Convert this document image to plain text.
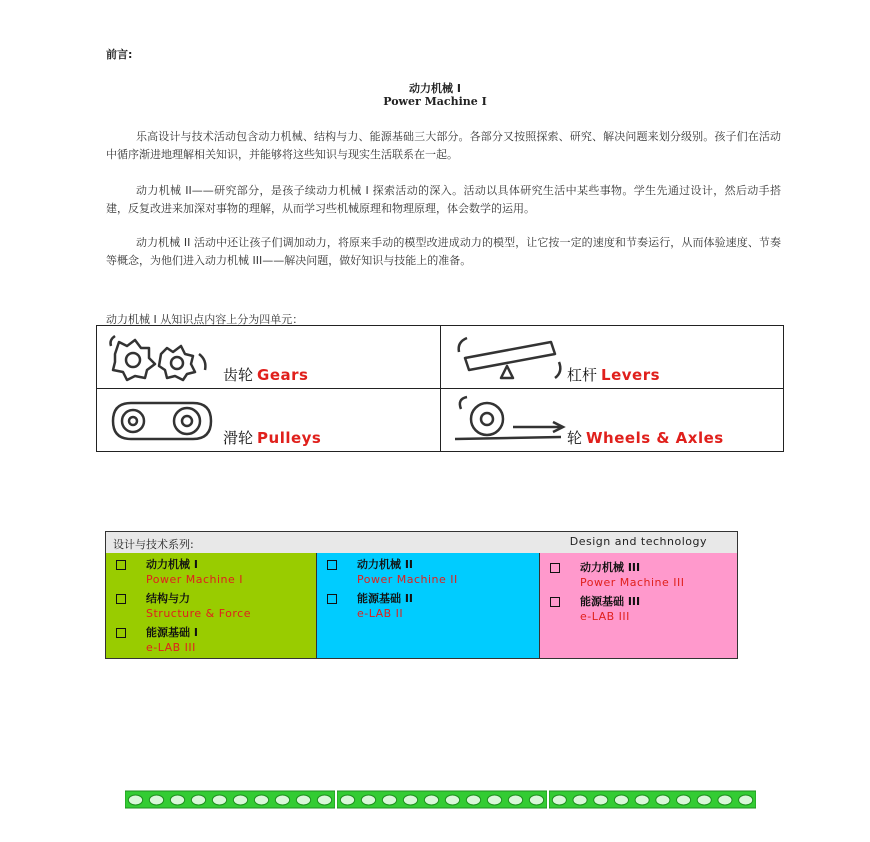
前言:
动力机械 I
Power Machine I
乐高设计与技术活动包含动力机械、结构与力、能源基础三大部分。各部分又按照探索、研究、解决问题来划分级别。孩子们在活动中循序渐进地理解相关知识，并能够将这些知识与现实生活联系在一起。
动力机械 II——研究部分，是孩子续动力机械 I 探索活动的深入。活动以具体研究生活中某些事物。学生先通过设计，然后动手搭建，反复改进来加深对事物的理解，从而学习些机械原理和物理原理，体会数学的运用。
动力机械 II 活动中还让孩子们调加动力，将原来手动的模型改进成动力的模型，让它按一定的速度和节奏运行，从而体验速度、节奏等概念，为他们进入动力机械 III——解决问题，做好知识与技能上的准备。
动力机械 I 从知识点内容上分为四单元：
齿轮 Gears	杠杆 Levers
滑轮 Pulleys	轮 Wheels & Axles
设计与技术系列:	Design and technology
动力机械 I
Power Machine I
结构与力
Structure & Force
能源基础 I
e-LAB III
动力机械 II
Power Machine II
能源基础 II
e-LAB II
动力机械 III
Power Machine III
能源基础 III
e-LAB III
